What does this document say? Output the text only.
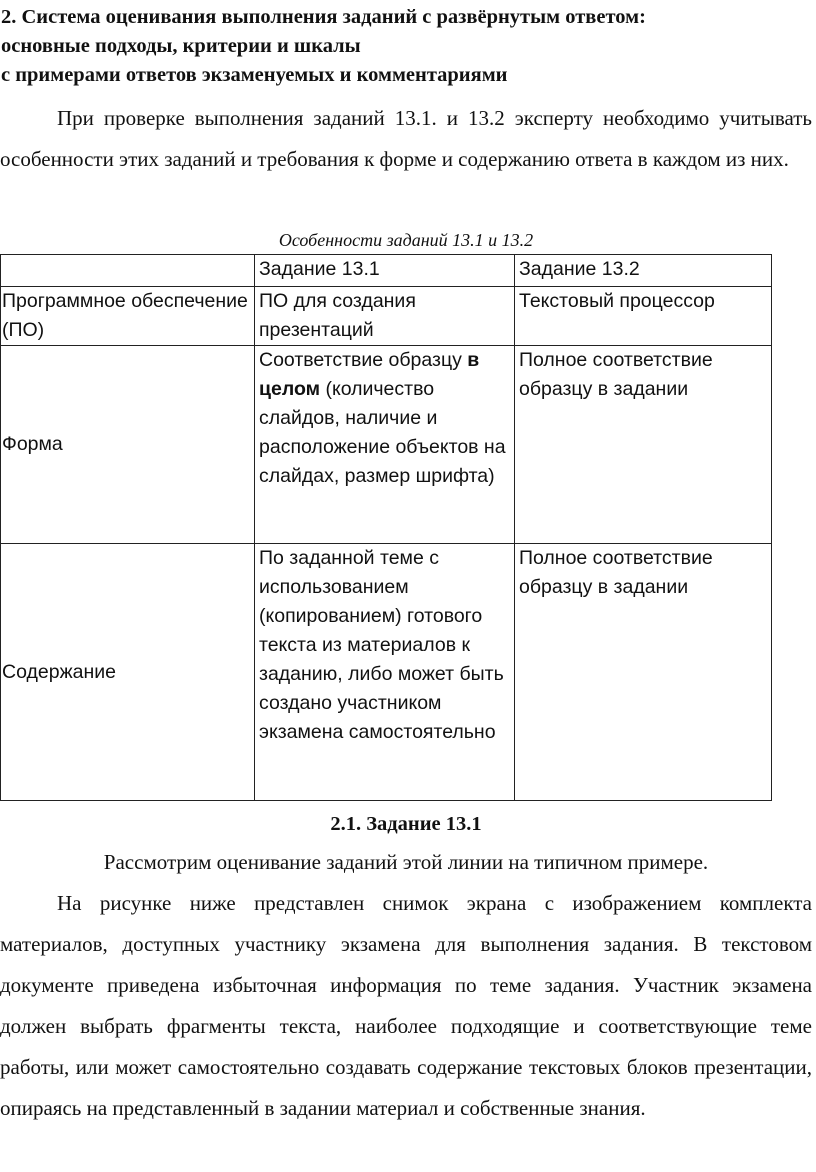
2. Система оценивания выполнения заданий с развёрнутым ответом:
основные подходы, критерии и шкалы
с примерами ответов экзаменуемых и комментариями
При проверке выполнения заданий 13.1. и 13.2 эксперту необходимо учитывать особенности этих заданий и требования к форме и содержанию ответа в каждом из них.
Особенности заданий 13.1 и 13.2
	Задание 13.1	Задание 13.2
Программное обеспечение (ПО)	ПО для создания презентаций	Текстовый процессор
Форма	Соответствие образцу в целом (количество слайдов, наличие и расположение объектов на слайдах, размер шрифта)	Полное соответствие образцу в задании
Содержание	По заданной теме с использованием (копированием) готового текста из материалов к заданию, либо может быть создано участником экзамена самостоятельно	Полное соответствие образцу в задании
2.1. Задание 13.1
Рассмотрим оценивание заданий этой линии на типичном примере.
На рисунке ниже представлен снимок экрана с изображением комплекта материалов, доступных участнику экзамена для выполнения задания. В текстовом документе приведена избыточная информация по теме задания. Участник экзамена должен выбрать фрагменты текста, наиболее подходящие и соответствующие теме работы, или может самостоятельно создавать содержание текстовых блоков презентации, опираясь на представленный в задании материал и собственные знания.
